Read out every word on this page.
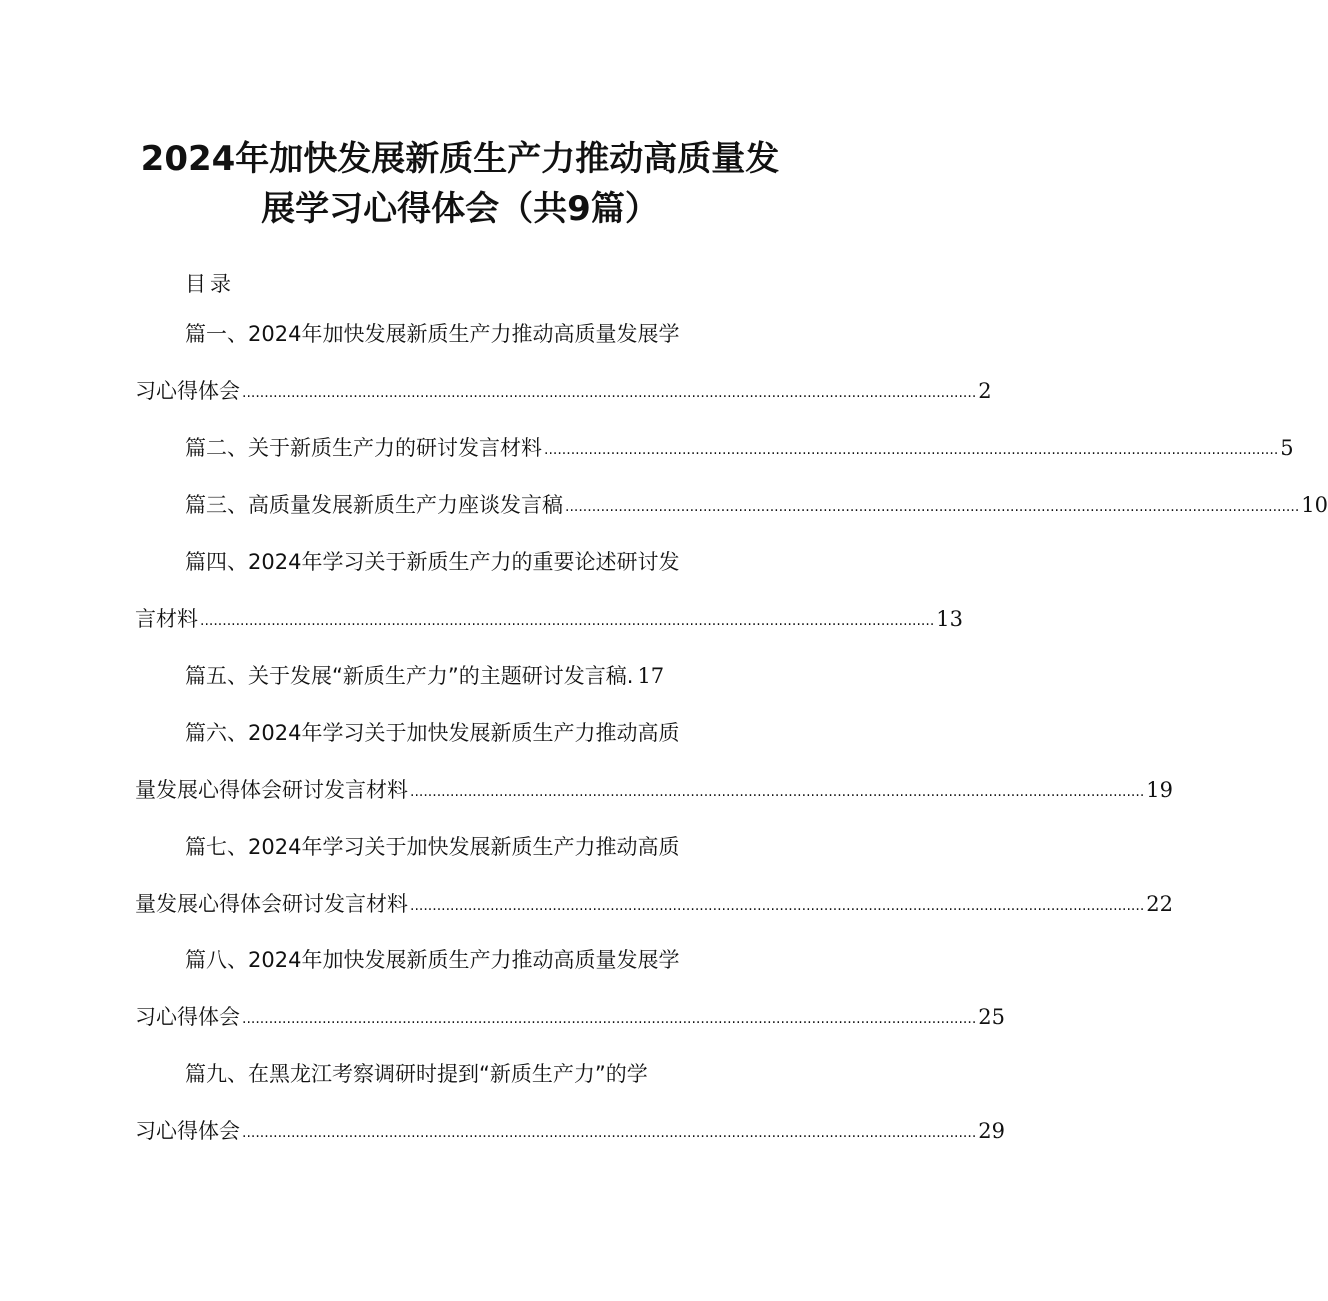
2024年加快发展新质生产力推动高质量发
展学习心得体会（共9篇）
目录
篇一、2024年加快发展新质生产力推动高质量发展学
习心得体会 ..................................................................................................................................................................... 2
篇二、关于新质生产力的研讨发言材料 ..................................................................................................................................................................... 5
篇三、高质量发展新质生产力座谈发言稿 ..................................................................................................................................................................... 10
篇四、2024年学习关于新质生产力的重要论述研讨发
言材料 ..................................................................................................................................................................... 13
篇五、关于发展“新质生产力”的主题研讨发言稿. 17
篇六、2024年学习关于加快发展新质生产力推动高质
量发展心得体会研讨发言材料 ..................................................................................................................................................................... 19
篇七、2024年学习关于加快发展新质生产力推动高质
量发展心得体会研讨发言材料 ..................................................................................................................................................................... 22
篇八、2024年加快发展新质生产力推动高质量发展学
习心得体会 ..................................................................................................................................................................... 25
篇九、在黑龙江考察调研时提到“新质生产力”的学
习心得体会 ..................................................................................................................................................................... 29
